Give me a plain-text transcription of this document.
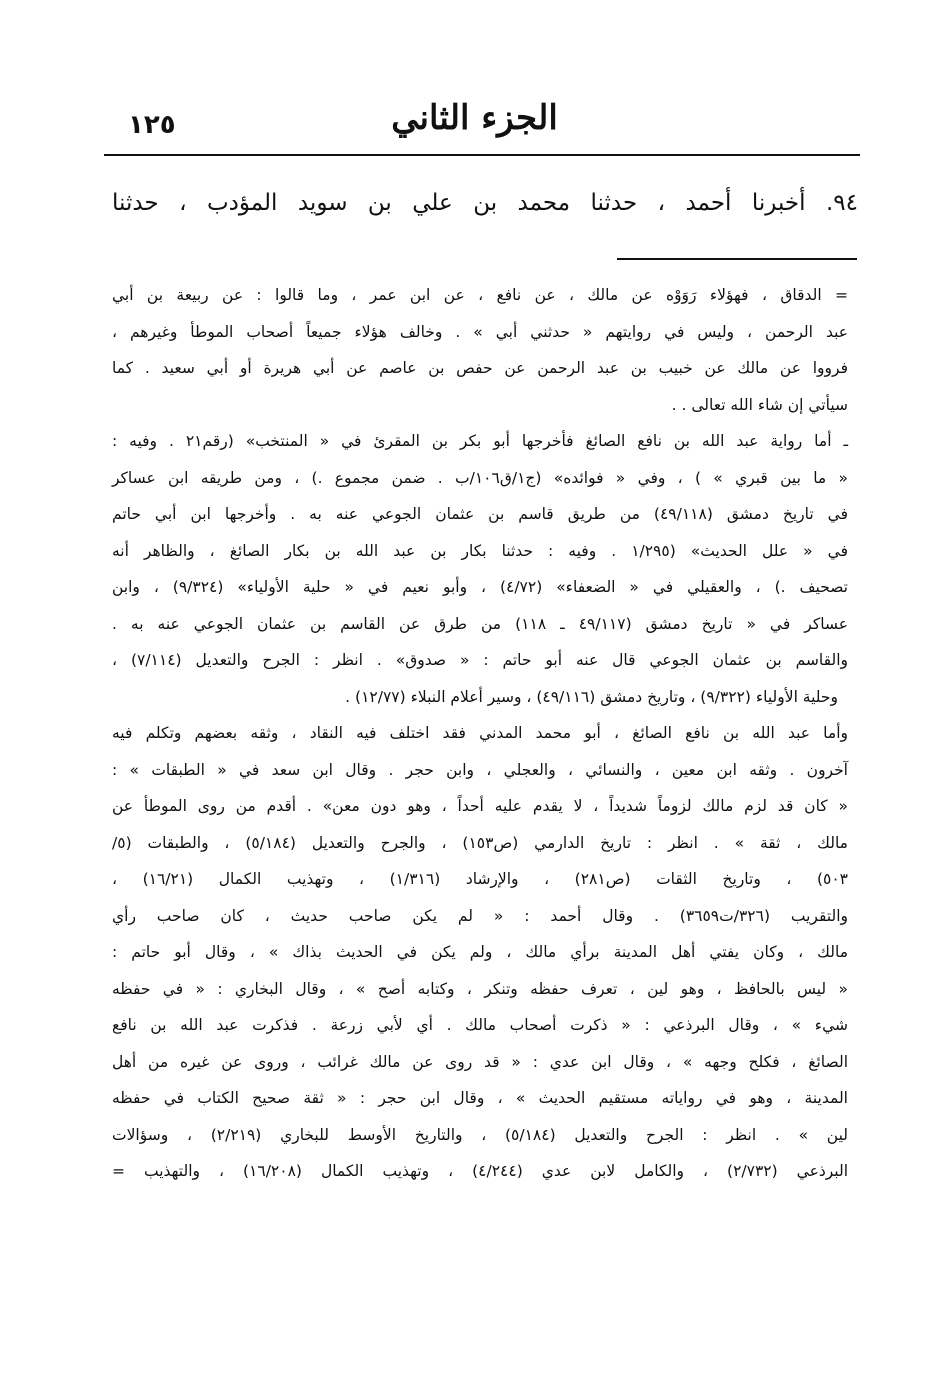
١٢٥	الجزء الثاني
٩٤. أخبرنا أحمد ، حدثنا محمد بن علي بن سويد المؤدب ، حدثنا
= الدقاق ، فهؤلاء رَوَوْه عن مالك ، عن نافع ، عن ابن عمر ، وما قالوا : عن ربيعة بن أبي
عبد الرحمن ، وليس في روايتهم « حدثني أبي » . وخالف هؤلاء جميعاً أصحاب الموطأ وغيرهم ،
فرووا عن مالك عن خبيب بن عبد الرحمن عن حفص بن عاصم عن أبي هريرة أو أبي سعيد . كما
سيأتي إن شاء الله تعالى . .
ـ أما رواية عبد الله بن نافع الصائغ فأخرجها أبو بكر بن المقرئ في « المنتخب» (رقم٢١ . وفيه :
« ما بين قبري » ) ، وفي « فوائده» (ج١/ق١٠٦/ب . ضمن مجموع .) ، ومن طريقه ابن عساكر
في تاريخ دمشق (٤٩/١١٨) من طريق قاسم بن عثمان الجوعي عنه به . وأخرجها ابن أبي حاتم
في « علل الحديث» (١/٢٩٥ . وفيه : حدثنا بكار بن عبد الله بن بكار الصائغ ، والظاهر أنه
تصحيف .) ، والعقيلي في « الضعفاء» (٤/٧٢) ، وأبو نعيم في « حلية الأولياء» (٩/٣٢٤) ، وابن
عساكر في « تاريخ دمشق (٤٩/١١٧ ـ ١١٨) من طرق عن القاسم بن عثمان الجوعي عنه به .
والقاسم بن عثمان الجوعي قال عنه أبو حاتم : « صدوق» . انظر : الجرح والتعديل (٧/١١٤) ،
وحلية الأولياء (٩/٣٢٢) ، وتاريخ دمشق (٤٩/١١٦) ، وسير أعلام النبلاء (١٢/٧٧) .
وأما عبد الله بن نافع الصائغ ، أبو محمد المدني فقد اختلف فيه النقاد ، وثقه بعضهم وتكلم فيه
آخرون . وثقه ابن معين ، والنسائي ، والعجلي ، وابن حجر . وقال ابن سعد في « الطبقات » :
« كان قد لزم مالك لزوماً شديداً ، لا يقدم عليه أحداً ، وهو دون معن» . أقدم من روى الموطأ عن
مالك ، ثقة » . انظر : تاريخ الدارمي (ص١٥٣) ، والجرح والتعديل (٥/١٨٤) ، والطبقات (٥/
٥٠٣) ، وتاريخ الثقات (ص٢٨١) ، والإرشاد (١/٣١٦) ، وتهذيب الكمال (١٦/٢١) ،
والتقريب (٣٢٦/ت٣٦٥٩) . وقال أحمد : « لم يكن صاحب حديث ، كان صاحب رأي
مالك ، وكان يفتي أهل المدينة برأي مالك ، ولم يكن في الحديث بذاك » ، وقال أبو حاتم :
« ليس بالحافظ ، وهو لين ، تعرف حفظه وتنكر ، وكتابه أصح » ، وقال البخاري : « في حفظه
شيء » ، وقال البرذعي : « ذكرت أصحاب مالك . أي لأبي زرعة . فذكرت عبد الله بن نافع
الصائغ ، فكلح وجهه » ، وقال ابن عدي : « قد روى عن مالك غرائب ، وروى عن غيره من أهل
المدينة ، وهو في رواياته مستقيم الحديث » ، وقال ابن حجر : « ثقة صحيح الكتاب في حفظه
لين » . انظر : الجرح والتعديل (٥/١٨٤) ، والتاريخ الأوسط للبخاري (٢/٢١٩) ، وسؤالات
البرذعي (٢/٧٣٢) ، والكامل لابن عدي (٤/٢٤٤) ، وتهذيب الكمال (١٦/٢٠٨) ، والتهذيب =
